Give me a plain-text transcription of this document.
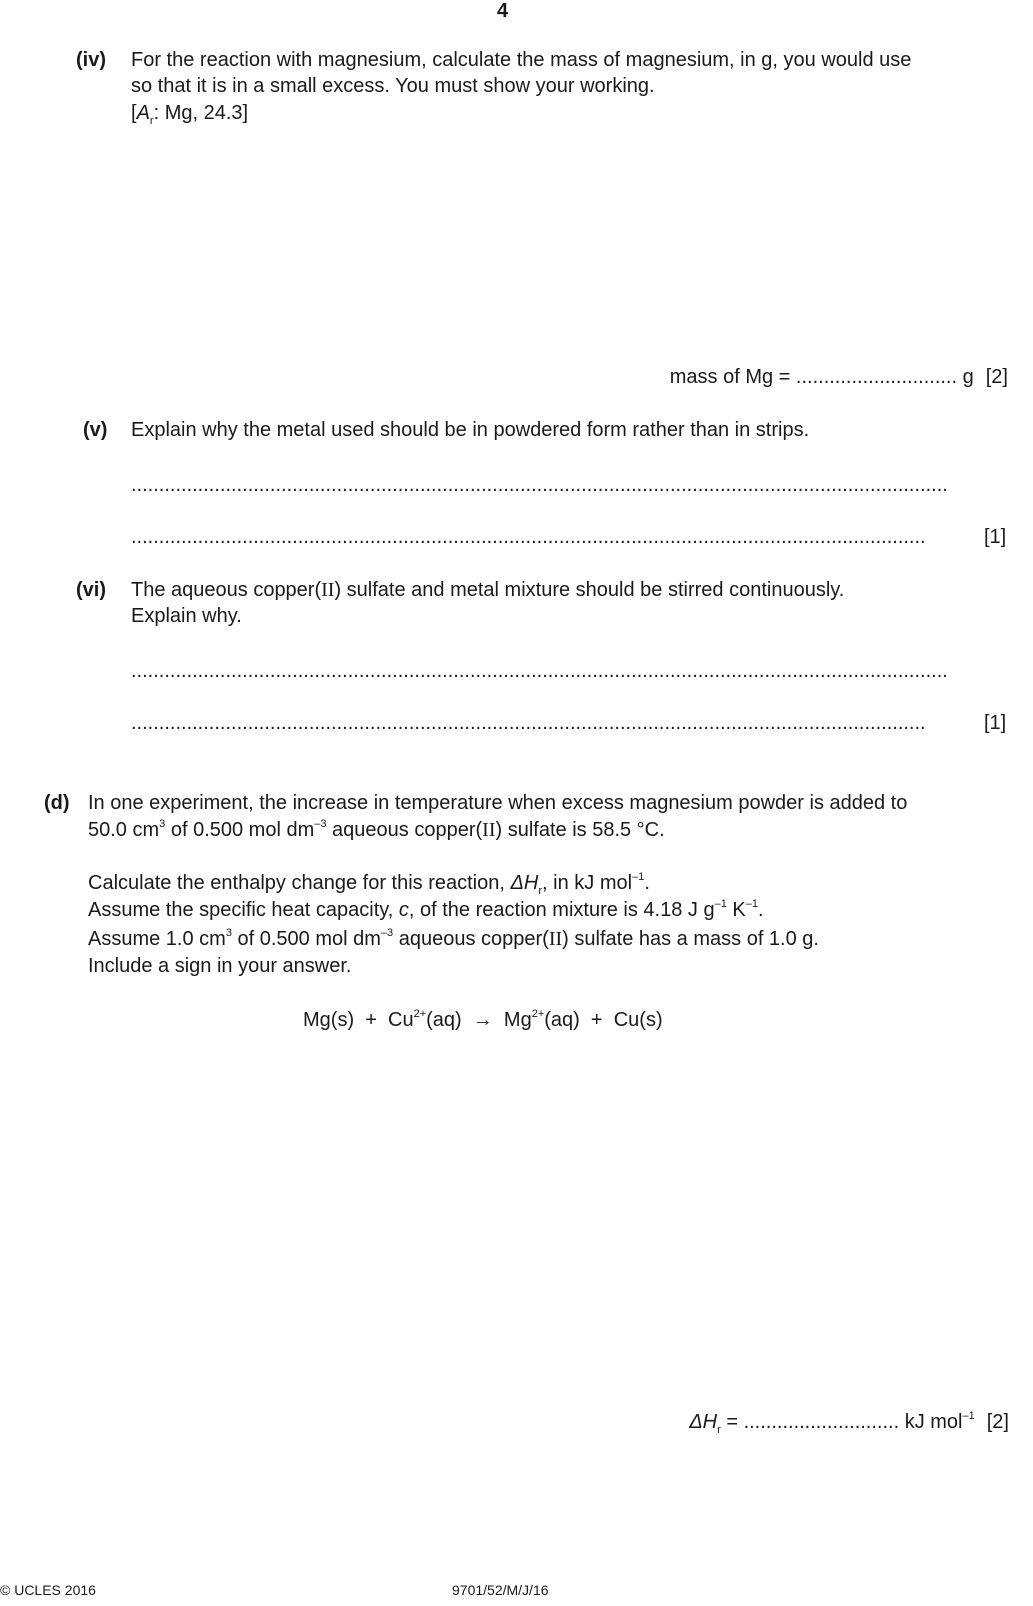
4
(iv) For the reaction with magnesium, calculate the mass of magnesium, in g, you would use
so that it is in a small excess. You must show your working.
[$A_r$: Mg, 24.3]
mass of Mg = ............................. g [2]
(v) Explain why the metal used should be in powdered form rather than in strips.
...................................................................................................................................................
...............................................................................................................................................	[1]
(vi) The aqueous copper(II) sulfate and metal mixture should be stirred continuously.
Explain why.
...................................................................................................................................................
...............................................................................................................................................	[1]
(d) In one experiment, the increase in temperature when excess magnesium powder is added to
50.0 $cm^3$ of 0.500 mol $dm^{-3}$ aqueous copper(II) sulfate is 58.5 °C.
Calculate the enthalpy change for this reaction, $\Delta H_r$, in kJ mol$^{-1}$.
Assume the specific heat capacity, c, of the reaction mixture is 4.18 J $g^{-1}$ $K^{-1}$.
Assume 1.0 $cm^3$ of 0.500 mol $dm^{-3}$ aqueous copper(II) sulfate has a mass of 1.0 g.
Include a sign in your answer.
$Mg(s) + Cu^{2+}(aq) \to Mg^{2+}(aq) + Cu(s)$
$\Delta H_r$ = ............................ kJ mol$^{-1}$ [2]
© UCLES 2016	9701/52/M/J/16
